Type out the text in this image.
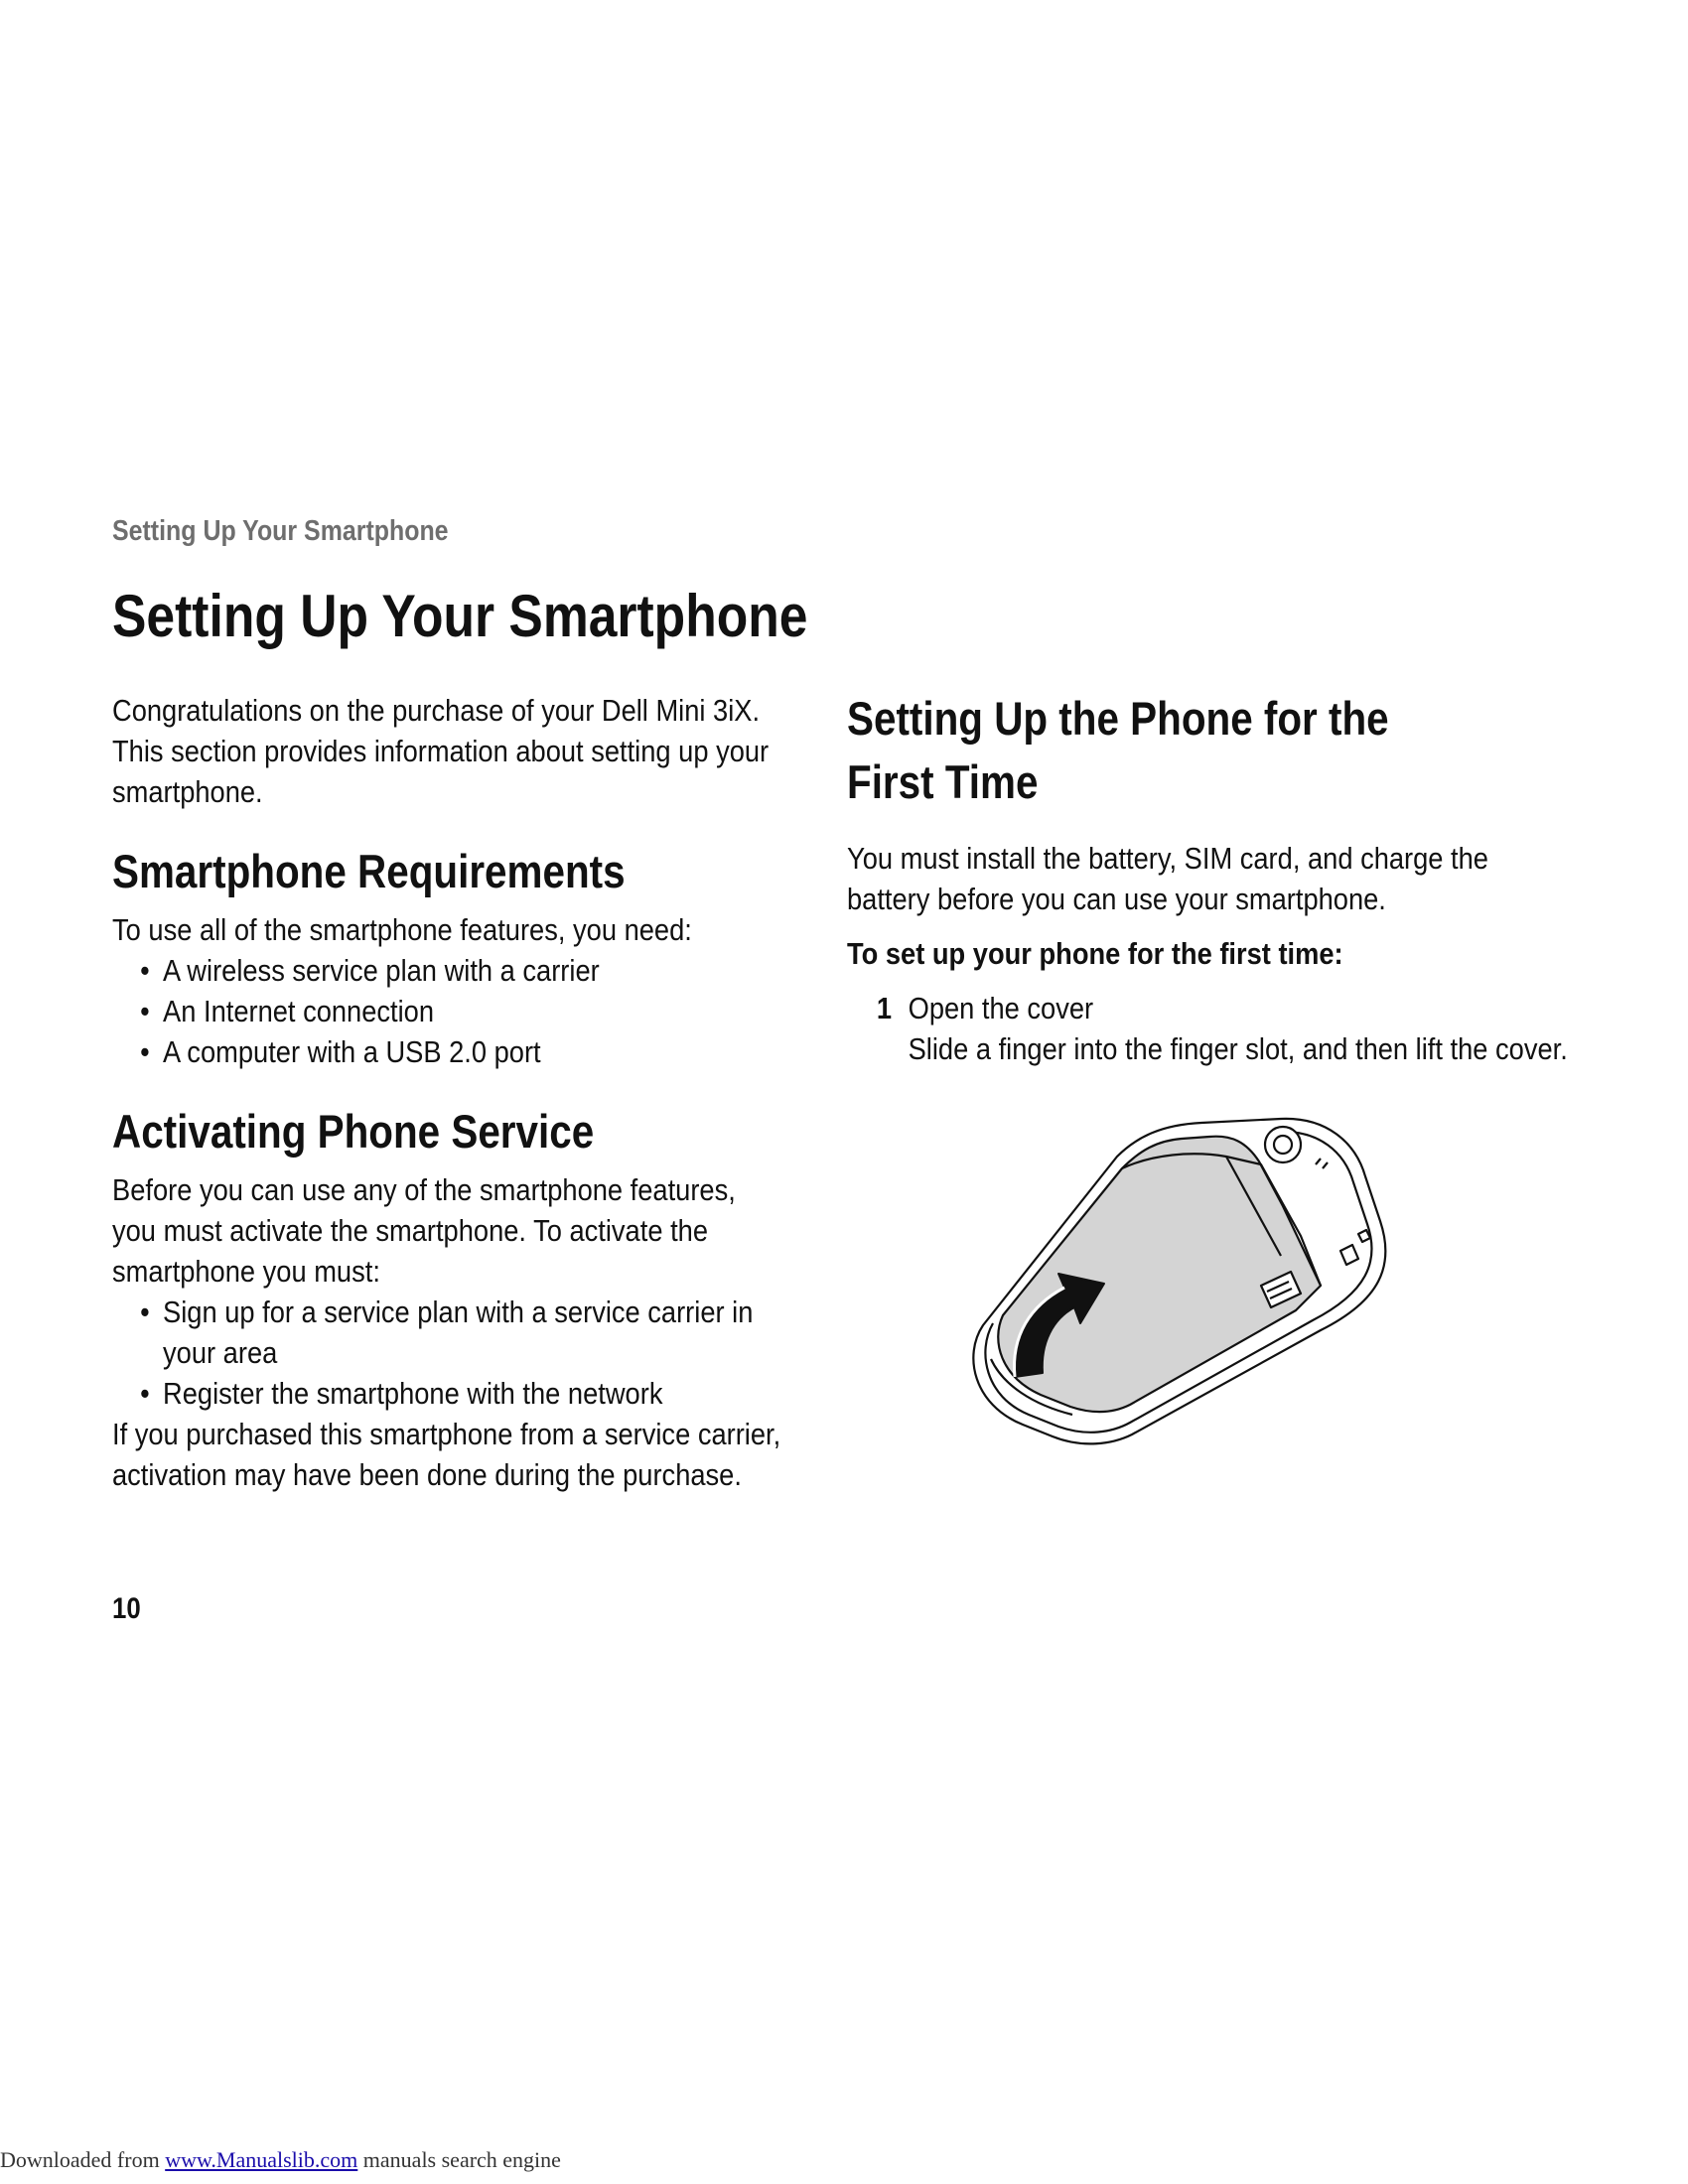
Setting Up Your Smartphone
Setting Up Your Smartphone

Congratulations on the purchase of your Dell Mini 3iX. This section provides information about setting up your smartphone.

Smartphone Requirements

To use all of the smartphone features, you need:

• A wireless service plan with a carrier
• An Internet connection
• A computer with a USB 2.0 port
Activating Phone Service

Before you can use any of the smartphone features, you must activate the smartphone. To activate the smartphone you must:

• Sign up for a service plan with a service carrier in your area
• Register the smartphone with the network

If you purchased this smartphone from a service carrier, activation may have been done during the purchase.

Setting Up the Phone for the First Time

You must install the battery, SIM card, and charge the battery before you can use your smartphone.

To set up your phone for the first time:

1 Open the cover
Slide a finger into the finger slot, and then lift the cover.
10
Downloaded from www.Manualslib.com manuals search engine
